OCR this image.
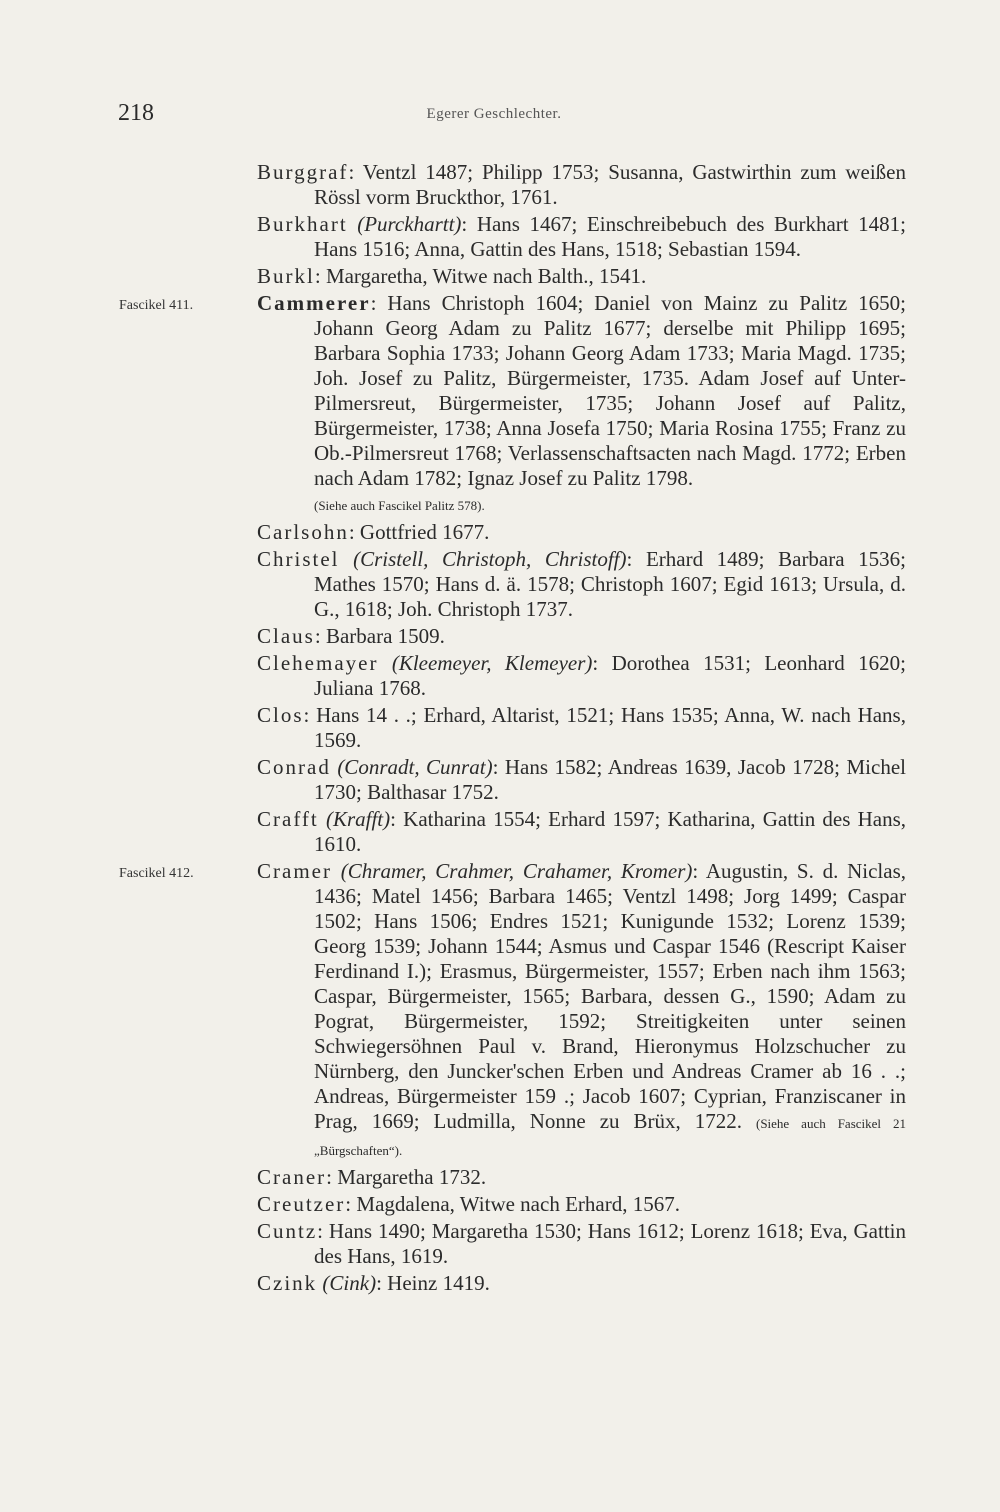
218	Egerer Geschlechter.
Burggraf: Ventzl 1487; Philipp 1753; Susanna, Gastwirthin zum weißen Rössl vorm Bruckthor, 1761.
Burkhart (Purckhartt): Hans 1467; Einschreibebuch des Burkhart 1481; Hans 1516; Anna, Gattin des Hans, 1518; Sebastian 1594.
Burkl: Margaretha, Witwe nach Balth., 1541.
Fascikel 411.	Cammerer: Hans Christoph 1604; Daniel von Mainz zu Palitz 1650; Johann Georg Adam zu Palitz 1677; derselbe mit Philipp 1695; Barbara Sophia 1733; Johann Georg Adam 1733; Maria Magd. 1735; Joh. Josef zu Palitz, Bürgermeister, 1735. Adam Josef auf Unter-Pilmersreut, Bürgermeister, 1735; Johann Josef auf Palitz, Bürgermeister, 1738; Anna Josefa 1750; Maria Rosina 1755; Franz zu Ob.-Pilmersreut 1768; Verlassenschaftsacten nach Magd. 1772; Erben nach Adam 1782; Ignaz Josef zu Palitz 1798.
(Siehe auch Fascikel Palitz 578).
Carlsohn: Gottfried 1677.
Christel (Cristell, Christoph, Christoff): Erhard 1489; Barbara 1536; Mathes 1570; Hans d. ä. 1578; Christoph 1607; Egid 1613; Ursula, d. G., 1618; Joh. Christoph 1737.
Claus: Barbara 1509.
Clehemayer (Kleemeyer, Klemeyer): Dorothea 1531; Leonhard 1620; Juliana 1768.
Clos: Hans 14 . .; Erhard, Altarist, 1521; Hans 1535; Anna, W. nach Hans, 1569.
Conrad (Conradt, Cunrat): Hans 1582; Andreas 1639, Jacob 1728; Michel 1730; Balthasar 1752.
Crafft (Krafft): Katharina 1554; Erhard 1597; Katharina, Gattin des Hans, 1610.
Fascikel 412.	Cramer (Chramer, Crahmer, Crahamer, Kromer): Augustin, S. d. Niclas, 1436; Matel 1456; Barbara 1465; Ventzl 1498; Jorg 1499; Caspar 1502; Hans 1506; Endres 1521; Kunigunde 1532; Lorenz 1539; Georg 1539; Johann 1544; Asmus und Caspar 1546 (Rescript Kaiser Ferdinand I.); Erasmus, Bürgermeister, 1557; Erben nach ihm 1563; Caspar, Bürgermeister, 1565; Barbara, dessen G., 1590; Adam zu Pograt, Bürgermeister, 1592; Streitigkeiten unter seinen Schwiegersöhnen Paul v. Brand, Hieronymus Holzschucher zu Nürnberg, den Juncker'schen Erben und Andreas Cramer ab 16 . .; Andreas, Bürgermeister 159 .; Jacob 1607; Cyprian, Franziscaner in Prag, 1669; Ludmilla, Nonne zu Brüx, 1722. (Siehe auch Fascikel 21 „Bürgschaften“).
Craner: Margaretha 1732.
Creutzer: Magdalena, Witwe nach Erhard, 1567.
Cuntz: Hans 1490; Margaretha 1530; Hans 1612; Lorenz 1618; Eva, Gattin des Hans, 1619.
Czink (Cink): Heinz 1419.
